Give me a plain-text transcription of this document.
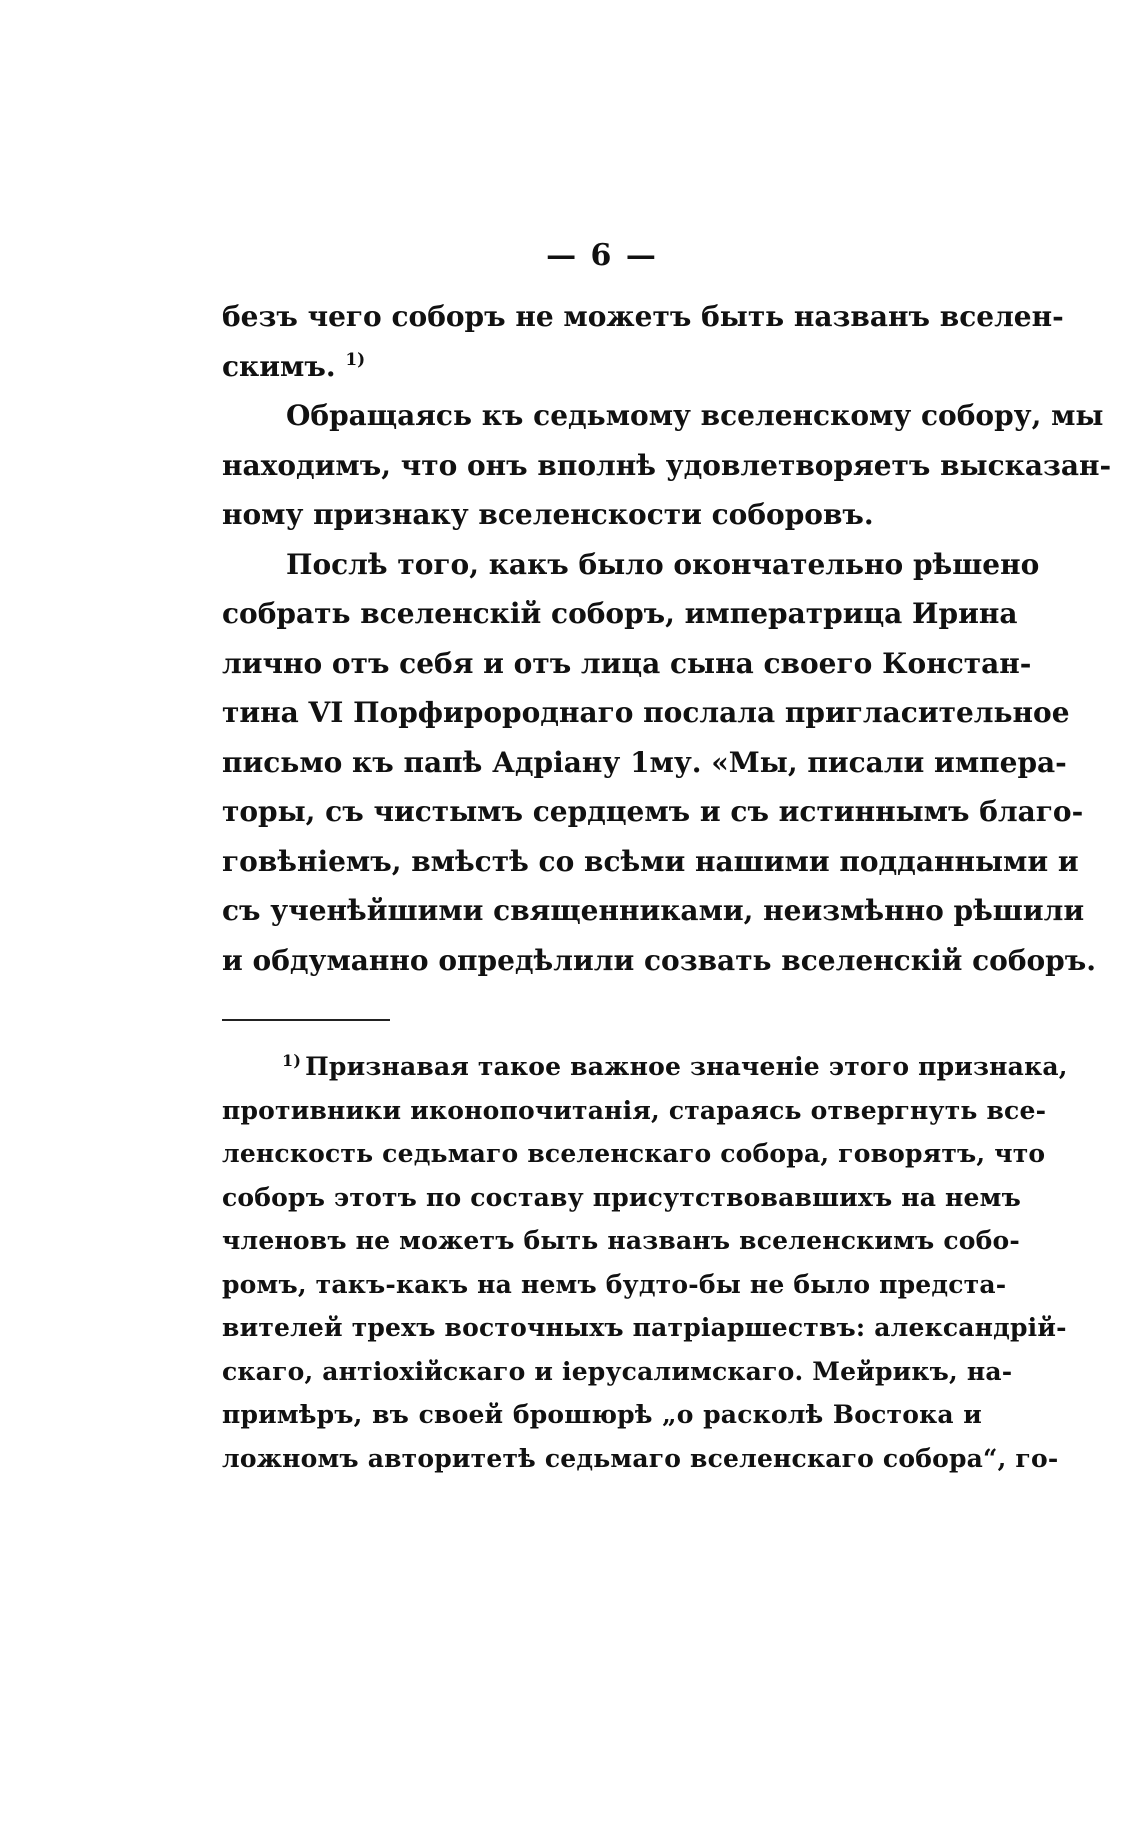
— 6 —
безъ чего соборъ не можетъ быть названъ вселен-
скимъ. $^{1)}$
Обращаясь къ седьмому вселенскому собору, мы
находимъ, что онъ вполнѣ удовлетворяетъ высказан-
ному признаку вселенскости соборовъ.
Послѣ того, какъ было окончательно рѣшено
собрать вселенскiй соборъ, императрица Ирина
лично отъ себя и отъ лица сына своего Констан-
тина VI Порфиророднаго послала пригласительное
письмо къ папѣ Адрiану 1му. «Мы, писали импера-
торы, съ чистымъ сердцемъ и съ истиннымъ благо-
говѣнiемъ, вмѣстѣ со всѣми нашими подданными и
съ ученѣйшими священниками, неизмѣнно рѣшили
и обдуманно опредѣлили созвать вселенскiй соборъ.
$^{1)}$ Признавая такое важное значенiе этого признака,
противники иконопочитанiя, стараясь отвергнуть все-
ленскость седьмаго вселенскаго собора, говорятъ, что
соборъ этотъ по составу присутствовавшихъ на немъ
членовъ не можетъ быть названъ вселенскимъ собо-
ромъ, такъ-какъ на немъ будто-бы не было предста-
вителей трехъ восточныхъ патрiаршествъ: александрiй-
скаго, антiохiйскаго и iерусалимскаго. Мейрикъ, на-
примѣръ, въ своей брошюрѣ „о расколѣ Востока и
ложномъ авторитетѣ седьмаго вселенскаго собора“, го-
